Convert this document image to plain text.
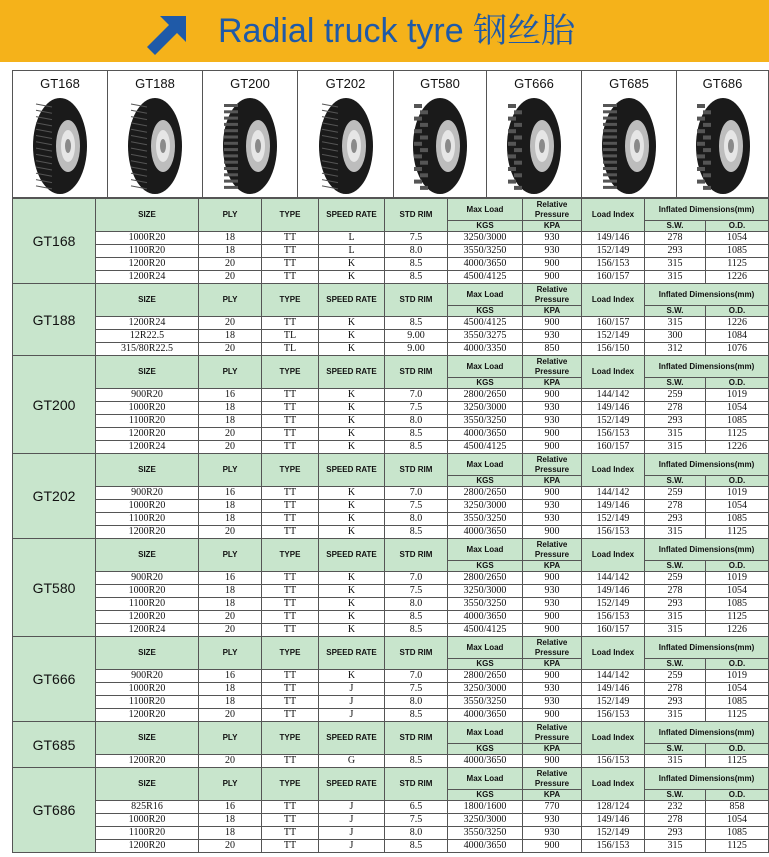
Radial truck tyre 钢丝胎
GT168	GT188	GT200	GT202	GT580	GT666	GT685	GT686
GT168	SIZE	PLY	TYPE	SPEED RATE	STD RIM	Max Load	Relative Pressure	Load Index	Inflated Dimensions(mm)	
						KGS	KPA		S.W.	O.D.
	1000R20	18	TT	L	7.5	3250/3000	930	149/146	278	1054
	1100R20	18	TT	L	8.0	3550/3250	930	152/149	293	1085
	1200R20	20	TT	K	8.5	4000/3650	900	156/153	315	1125
	1200R24	20	TT	K	8.5	4500/4125	900	160/157	315	1226
GT188	SIZE	PLY	TYPE	SPEED RATE	STD RIM	Max Load	Relative Pressure	Load Index	Inflated Dimensions(mm)	
						KGS	KPA		S.W.	O.D.
	1200R24	20	TT	K	8.5	4500/4125	900	160/157	315	1226
	12R22.5	18	TL	K	9.00	3550/3275	930	152/149	300	1084
	315/80R22.5	20	TL	K	9.00	4000/3350	850	156/150	312	1076
GT200	SIZE	PLY	TYPE	SPEED RATE	STD RIM	Max Load	Relative Pressure	Load Index	Inflated Dimensions(mm)	
						KGS	KPA		S.W.	O.D.
	900R20	16	TT	K	7.0	2800/2650	900	144/142	259	1019
	1000R20	18	TT	K	7.5	3250/3000	930	149/146	278	1054
	1100R20	18	TT	K	8.0	3550/3250	930	152/149	293	1085
	1200R20	20	TT	K	8.5	4000/3650	900	156/153	315	1125
	1200R24	20	TT	K	8.5	4500/4125	900	160/157	315	1226
GT202	SIZE	PLY	TYPE	SPEED RATE	STD RIM	Max Load	Relative Pressure	Load Index	Inflated Dimensions(mm)	
						KGS	KPA		S.W.	O.D.
	900R20	16	TT	K	7.0	2800/2650	900	144/142	259	1019
	1000R20	18	TT	K	7.5	3250/3000	930	149/146	278	1054
	1100R20	18	TT	K	8.0	3550/3250	930	152/149	293	1085
	1200R20	20	TT	K	8.5	4000/3650	900	156/153	315	1125
GT580	SIZE	PLY	TYPE	SPEED RATE	STD RIM	Max Load	Relative Pressure	Load Index	Inflated Dimensions(mm)	
						KGS	KPA		S.W.	O.D.
	900R20	16	TT	K	7.0	2800/2650	900	144/142	259	1019
	1000R20	18	TT	K	7.5	3250/3000	930	149/146	278	1054
	1100R20	18	TT	K	8.0	3550/3250	930	152/149	293	1085
	1200R20	20	TT	K	8.5	4000/3650	900	156/153	315	1125
	1200R24	20	TT	K	8.5	4500/4125	900	160/157	315	1226
GT666	SIZE	PLY	TYPE	SPEED RATE	STD RIM	Max Load	Relative Pressure	Load Index	Inflated Dimensions(mm)	
						KGS	KPA		S.W.	O.D.
	900R20	16	TT	K	7.0	2800/2650	900	144/142	259	1019
	1000R20	18	TT	J	7.5	3250/3000	930	149/146	278	1054
	1100R20	18	TT	J	8.0	3550/3250	930	152/149	293	1085
	1200R20	20	TT	J	8.5	4000/3650	900	156/153	315	1125
GT685	SIZE	PLY	TYPE	SPEED RATE	STD RIM	Max Load	Relative Pressure	Load Index	Inflated Dimensions(mm)	
						KGS	KPA		S.W.	O.D.
	1200R20	20	TT	G	8.5	4000/3650	900	156/153	315	1125
GT686	SIZE	PLY	TYPE	SPEED RATE	STD RIM	Max Load	Relative Pressure	Load Index	Inflated Dimensions(mm)	
						KGS	KPA		S.W.	O.D.
	825R16	16	TT	J	6.5	1800/1600	770	128/124	232	858
	1000R20	18	TT	J	7.5	3250/3000	930	149/146	278	1054
	1100R20	18	TT	J	8.0	3550/3250	930	152/149	293	1085
	1200R20	20	TT	J	8.5	4000/3650	900	156/153	315	1125
